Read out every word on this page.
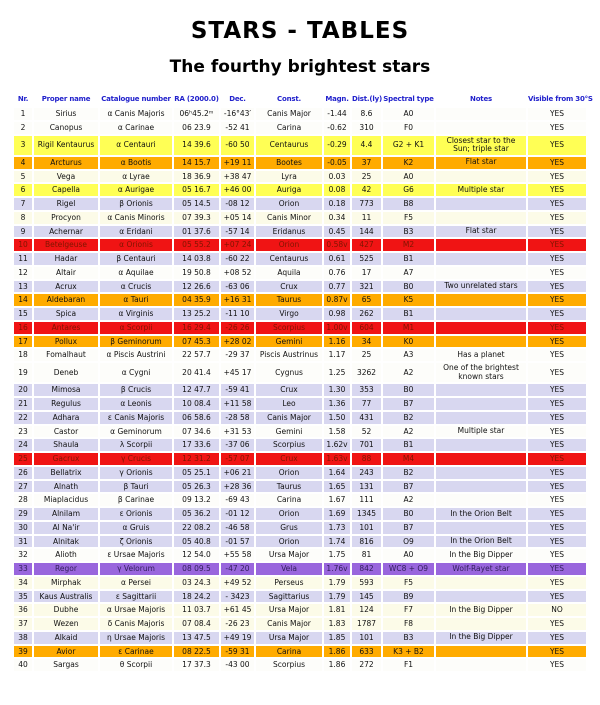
STARS - TABLES
The fourthy brightest stars
Nr.	Proper name	Catalogue number	RA (2000.0)	Dec.	Const.	Magn.	Dist.(ly)	Spectral type	Notes	Visible from 30°S
1	Sirius	α Canis Majoris	06ʰ45.2ᵐ	-16°43′	Canis Major	-1.44	8.6	A0		YES
2	Canopus	α Carinae	06 23.9	-52 41	Carina	-0.62	310	F0		YES
3	Rigil Kentaurus	α Centauri	14 39.6	-60 50	Centaurus	-0.29	4.4	G2 + K1	Closest star to the Sun; triple star	YES
4	Arcturus	α Bootis	14 15.7	+19 11	Bootes	-0.05	37	K2	Flat star	YES
5	Vega	α Lyrae	18 36.9	+38 47	Lyra	0.03	25	A0		YES
6	Capella	α Aurigae	05 16.7	+46 00	Auriga	0.08	42	G6	Multiple star	YES
7	Rigel	β Orionis	05 14.5	-08 12	Orion	0.18	773	B8		YES
8	Procyon	α Canis Minoris	07 39.3	+05 14	Canis Minor	0.34	11	F5		YES
9	Achernar	α Eridani	01 37.6	-57 14	Eridanus	0.45	144	B3	Flat star	YES
10	Betelgeuse	α Orionis	05 55.2	+07 24	Orion	0.58v	427	M2		YES
11	Hadar	β Centauri	14 03.8	-60 22	Centaurus	0.61	525	B1		YES
12	Altair	α Aquilae	19 50.8	+08 52	Aquila	0.76	17	A7		YES
13	Acrux	α Crucis	12 26.6	-63 06	Crux	0.77	321	B0	Two unrelated stars	YES
14	Aldebaran	α Tauri	04 35.9	+16 31	Taurus	0.87v	65	K5		YES
15	Spica	α Virginis	13 25.2	-11 10	Virgo	0.98	262	B1		YES
16	Antares	α Scorpii	16 29.4	-26 26	Scorpius	1.00v	604	M1		YES
17	Pollux	β Geminorum	07 45.3	+28 02	Gemini	1.16	34	K0		YES
18	Fomalhaut	α Piscis Austrini	22 57.7	-29 37	Piscis Austrinus	1.17	25	A3	Has a planet	YES
19	Deneb	α Cygni	20 41.4	+45 17	Cygnus	1.25	3262	A2	One of the brightest known stars	YES
20	Mimosa	β Crucis	12 47.7	-59 41	Crux	1.30	353	B0		YES
21	Regulus	α Leonis	10 08.4	+11 58	Leo	1.36	77	B7		YES
22	Adhara	ε Canis Majoris	06 58.6	-28 58	Canis Major	1.50	431	B2		YES
23	Castor	α Geminorum	07 34.6	+31 53	Gemini	1.58	52	A2	Multiple star	YES
24	Shaula	λ Scorpii	17 33.6	-37 06	Scorpius	1.62v	701	B1		YES
25	Gacrux	γ Crucis	12 31.2	-57 07	Crux	1.63v	88	M4		YES
26	Bellatrix	γ Orionis	05 25.1	+06 21	Orion	1.64	243	B2		YES
27	Alnath	β Tauri	05 26.3	+28 36	Taurus	1.65	131	B7		YES
28	Miaplacidus	β Carinae	09 13.2	-69 43	Carina	1.67	111	A2		YES
29	Alnilam	ε Orionis	05 36.2	-01 12	Orion	1.69	1345	B0	In the Orion Belt	YES
30	Al Na'ir	α Gruis	22 08.2	-46 58	Grus	1.73	101	B7		YES
31	Alnitak	ζ Orionis	05 40.8	-01 57	Orion	1.74	816	O9	In the Orion Belt	YES
32	Alioth	ε Ursae Majoris	12 54.0	+55 58	Ursa Major	1.75	81	A0	In the Big Dipper	YES
33	Regor	γ Velorum	08 09.5	-47 20	Vela	1.76v	842	WC8 + O9	Wolf-Rayet star	YES
34	Mirphak	α Persei	03 24.3	+49 52	Perseus	1.79	593	F5		YES
35	Kaus Australis	ε Sagittarii	18 24.2	- 3423	Sagittarius	1.79	145	B9		YES
36	Dubhe	α Ursae Majoris	11 03.7	+61 45	Ursa Major	1.81	124	F7	In the Big Dipper	NO
37	Wezen	δ Canis Majoris	07 08.4	-26 23	Canis Major	1.83	1787	F8		YES
38	Alkaid	η Ursae Majoris	13 47.5	+49 19	Ursa Major	1.85	101	B3	In the Big Dipper	YES
39	Avior	ε Carinae	08 22.5	-59 31	Carina	1.86	633	K3 + B2		YES
40	Sargas	θ Scorpii	17 37.3	-43 00	Scorpius	1.86	272	F1		YES
